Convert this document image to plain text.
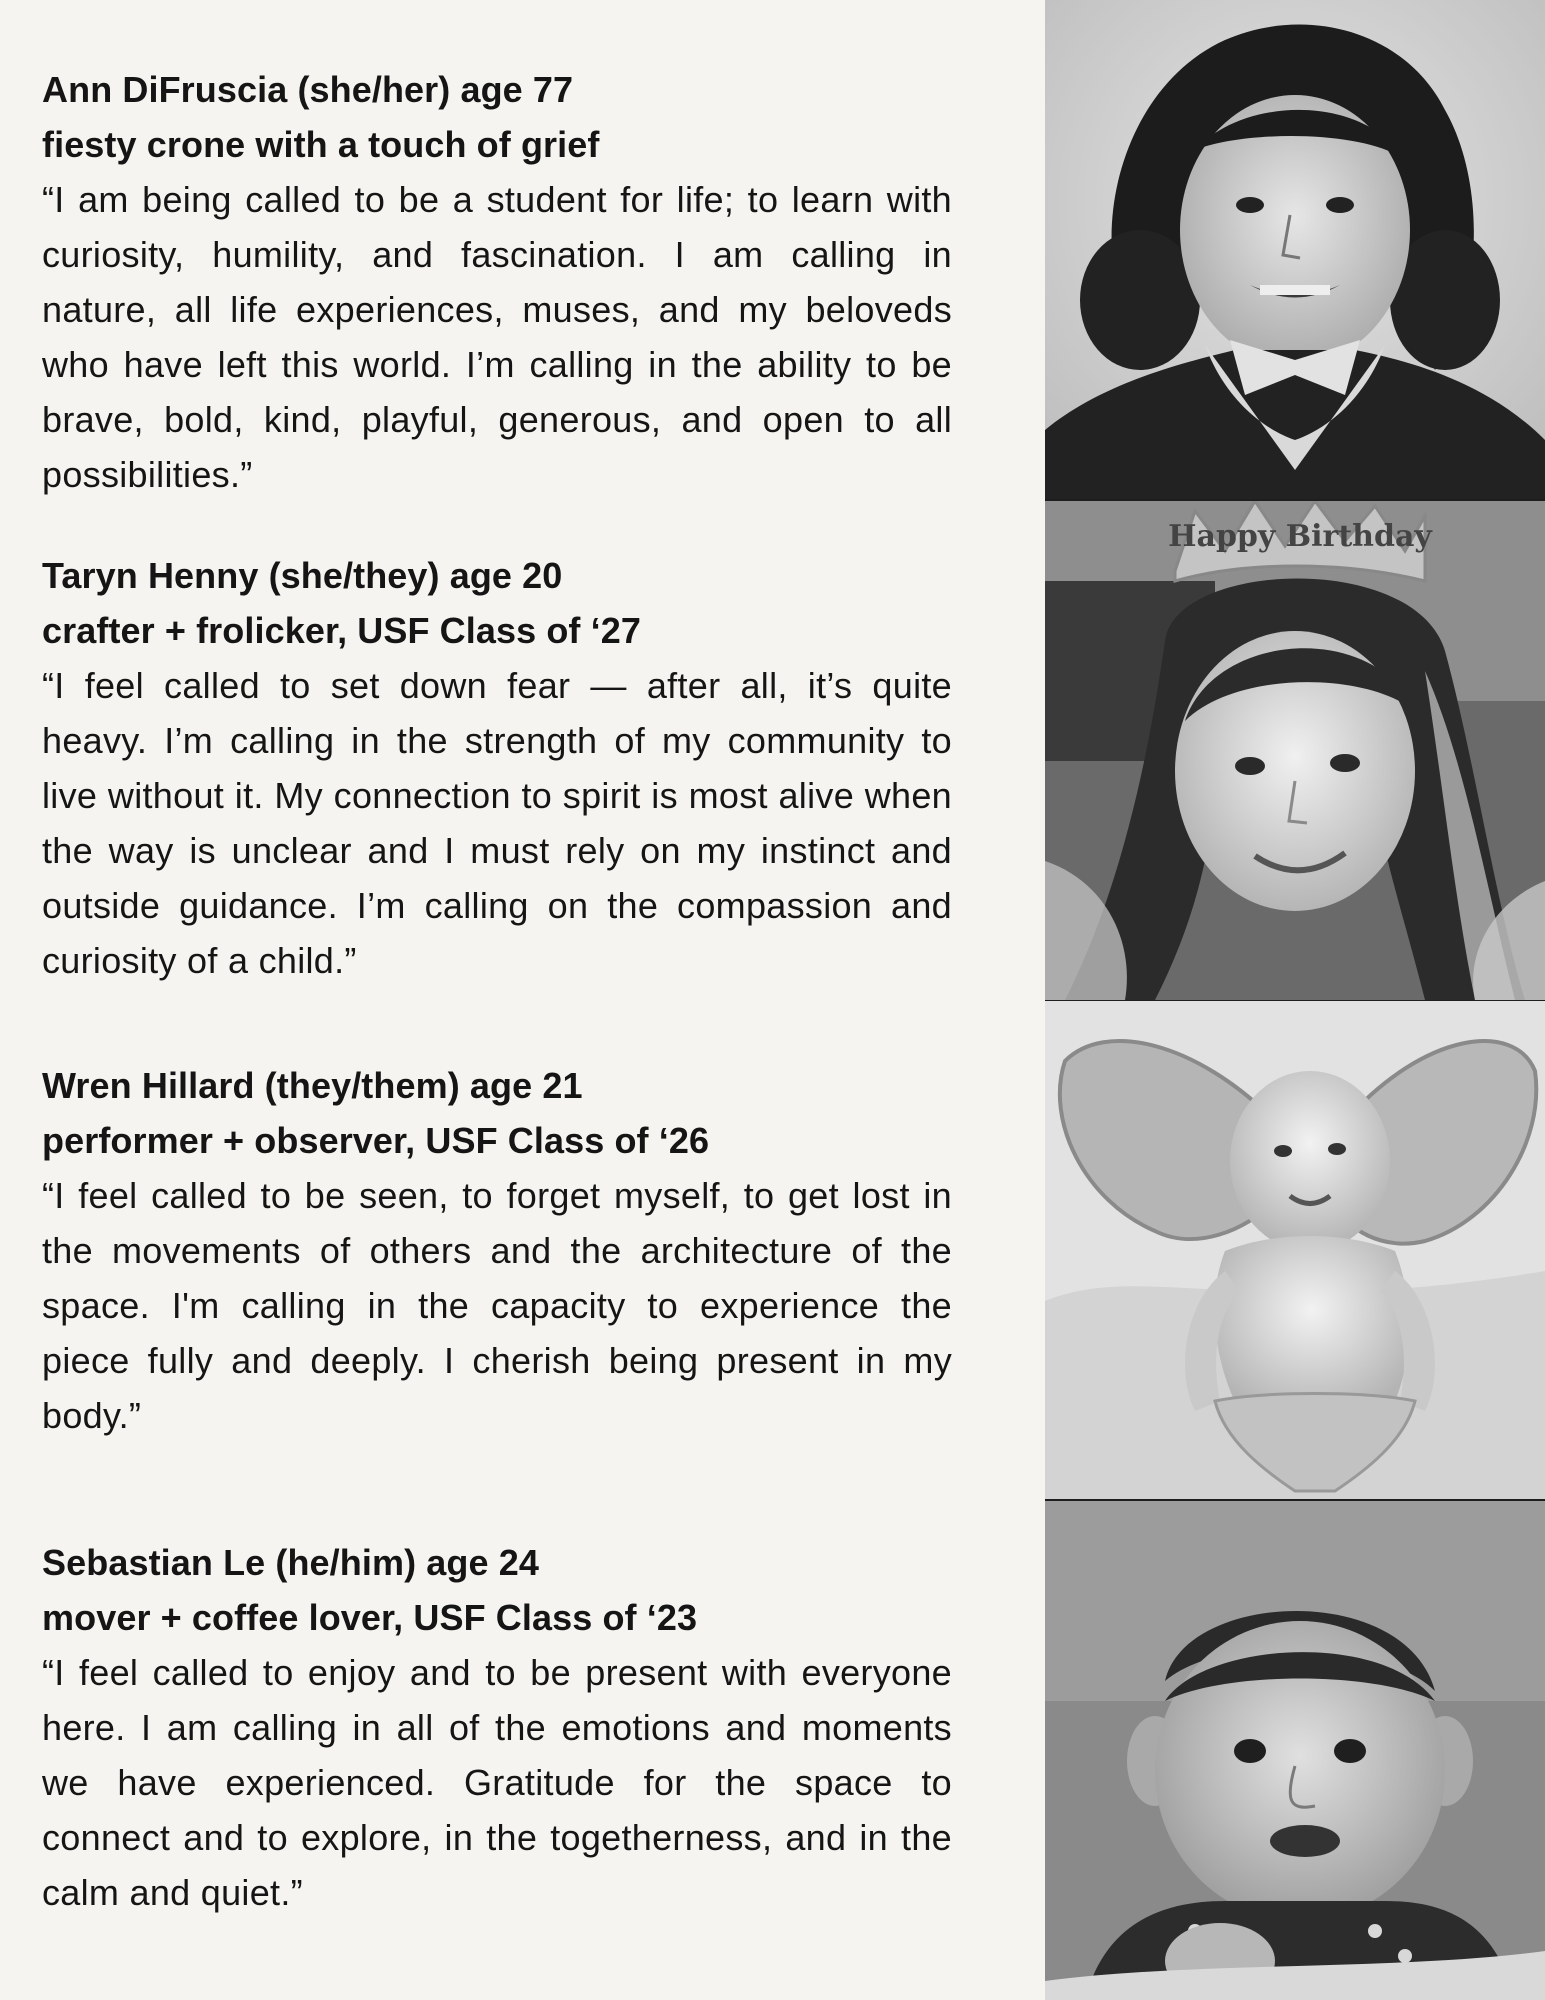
Ann DiFruscia (she/her) age 77

fiesty crone with a touch of grief

“I am being called to be a student for life; to learn with curiosity, humility, and fascination. I am calling in nature, all life experiences, muses, and my beloveds who have left this world. I’m calling in the ability to be brave, bold, kind, playful, generous, and open to all possibilities.”

Taryn Henny (she/they) age 20

crafter + frolicker, USF Class of ‘27

“I feel called to set down fear — after all, it’s quite heavy. I’m calling in the strength of my community to live without it. My connection to spirit is most alive when the way is unclear and I must rely on my instinct and outside guidance. I’m calling on the compassion and curiosity of a child.”

Wren Hillard (they/them) age 21

performer + observer, USF Class of ‘26

“I feel called to be seen, to forget myself, to get lost in the movements of others and the architecture of the space. I'm calling in the capacity to experience the piece fully and deeply. I cherish being present in my body.”

Sebastian Le (he/him) age 24

mover + coffee lover, USF Class of ‘23

“I feel called to enjoy and to be present with everyone here. I am calling in all of the emotions and moments we have experienced. Gratitude for the space to connect and to explore, in the togetherness, and in the calm and quiet.”

Happy Birthday
